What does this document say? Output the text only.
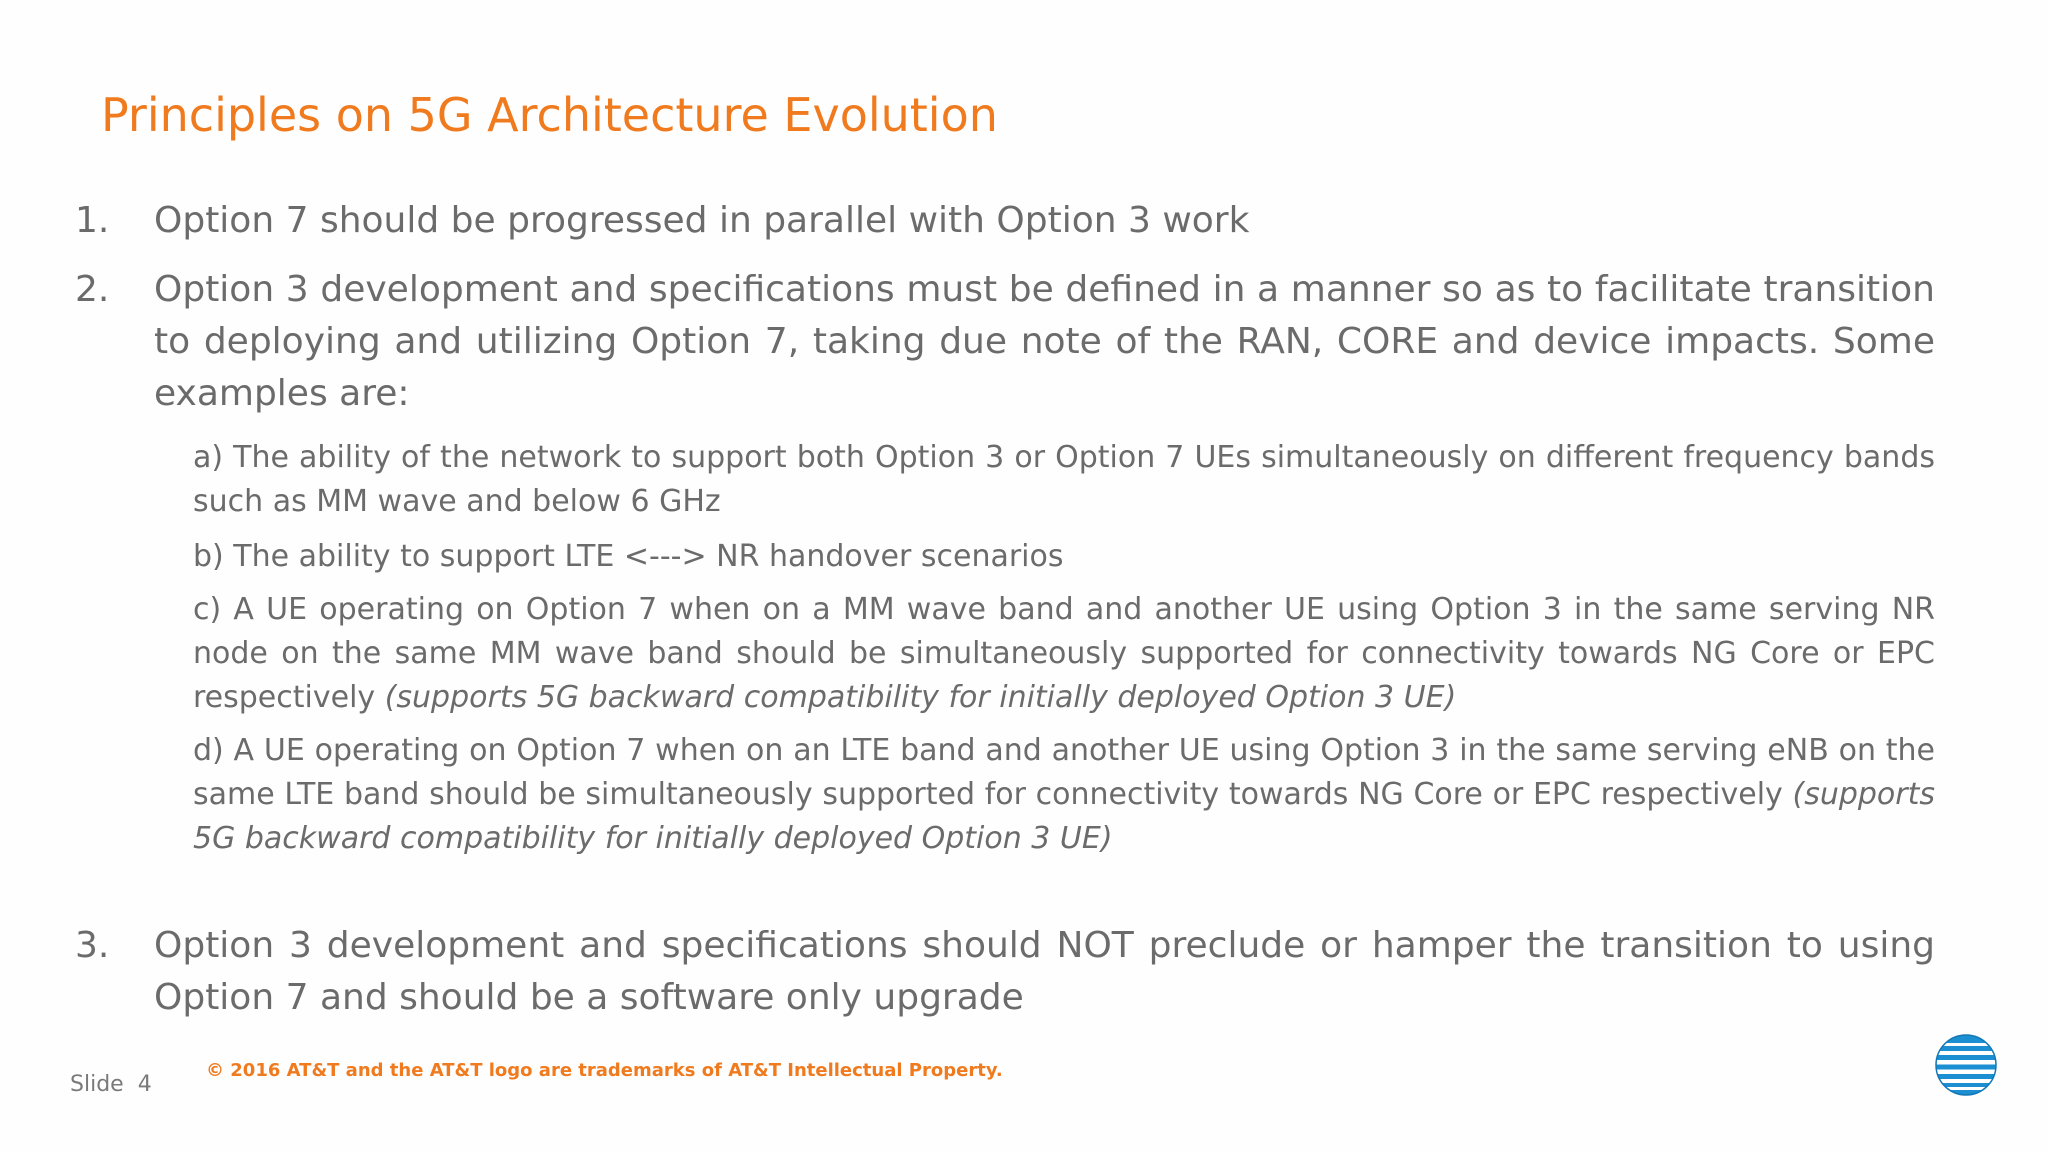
Principles on 5G Architecture Evolution
1.	Option 7 should be progressed in parallel with Option 3 work
2.	Option 3 development and specifications must be defined in a manner so as to facilitate transition to deploying and utilizing Option 7, taking due note of the RAN, CORE and device impacts. Some examples are:
a) The ability of the network to support both Option 3 or Option 7 UEs simultaneously on different frequency bands such as MM wave and below 6 GHz
b) The ability to support LTE <---> NR handover scenarios
c) A UE operating on Option 7 when on a MM wave band and another UE using Option 3 in the same serving NR node on the same MM wave band should be simultaneously supported for connectivity towards NG Core or EPC respectively (supports 5G backward compatibility for initially deployed Option 3 UE)
d) A UE operating on Option 7 when on an LTE band and another UE using Option 3 in the same serving eNB on the same LTE band should be simultaneously supported for connectivity towards NG Core or EPC respectively (supports 5G backward compatibility for initially deployed Option 3 UE)
3.	Option 3 development and specifications should NOT preclude or hamper the transition to using Option 7 and should be a software only upgrade
Slide 4
© 2016 AT&T and the AT&T logo are trademarks of AT&T Intellectual Property.
